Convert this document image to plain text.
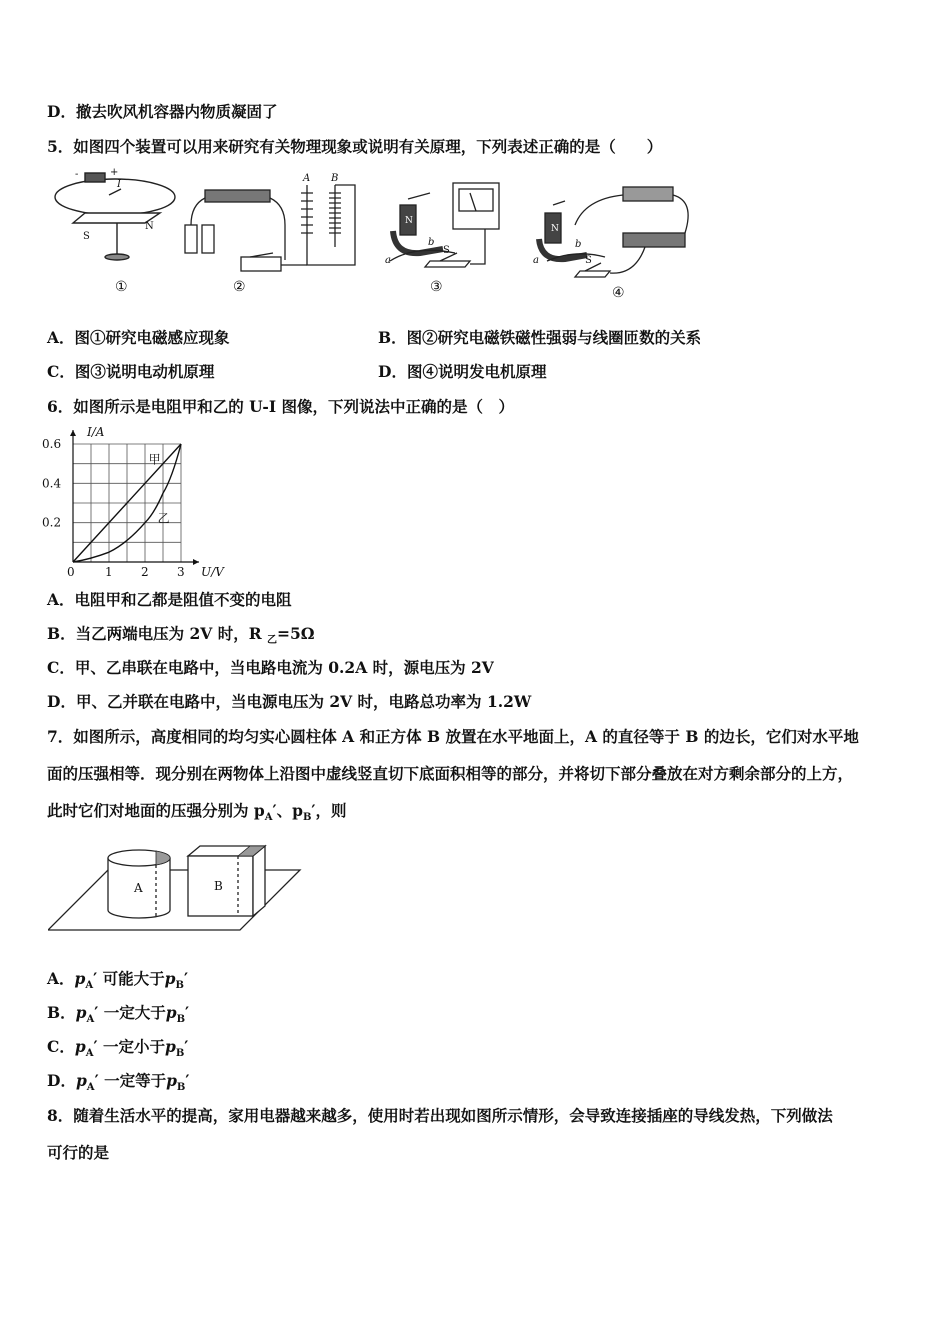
D．撤去吹风机容器内物质凝固了
5．如图四个装置可以用来研究有关物理现象或说明有关原理，下列表述正确的是（　　）
-	+
I
S
N
①
A B
②
N
a
b
S
③
N
a
b
S
④
A．图①研究电磁感应现象	B．图②研究电磁铁磁性强弱与线圈匝数的关系
C．图③说明电动机原理	D．图④说明发电机原理
6．如图所示是电阻甲和乙的 U-I 图像，下列说法中正确的是（　）
0	1 2 3
0.2
0.4
0.6
I/A
U/V
甲
乙
A．电阻甲和乙都是阻值不变的电阻
B．当乙两端电压为 2V 时，R $_乙$=5Ω
C．甲、乙串联在电路中，当电路电流为 0.2A 时，源电压为 2V
D．甲、乙并联在电路中，当电源电压为 2V 时，电路总功率为 1.2W
7．如图所示，高度相同的均匀实心圆柱体 A 和正方体 B 放置在水平地面上，A 的直径等于 B 的边长，它们对水平地
面的压强相等．现分别在两物体上沿图中虚线竖直切下底面积相等的部分，并将切下部分叠放在对方剩余部分的上方，
此时它们对地面的压强分别为 $p_A'$、$p_B'$，则
A	B
A．$p_A'$ 可能大于$p_B'$
B．$p_A'$ 一定大于$p_B'$
C．$p_A'$ 一定小于$p_B'$
D．$p_A'$ 一定等于$p_B'$
8．随着生活水平的提高，家用电器越来越多，使用时若出现如图所示情形，会导致连接插座的导线发热，下列做法
可行的是
